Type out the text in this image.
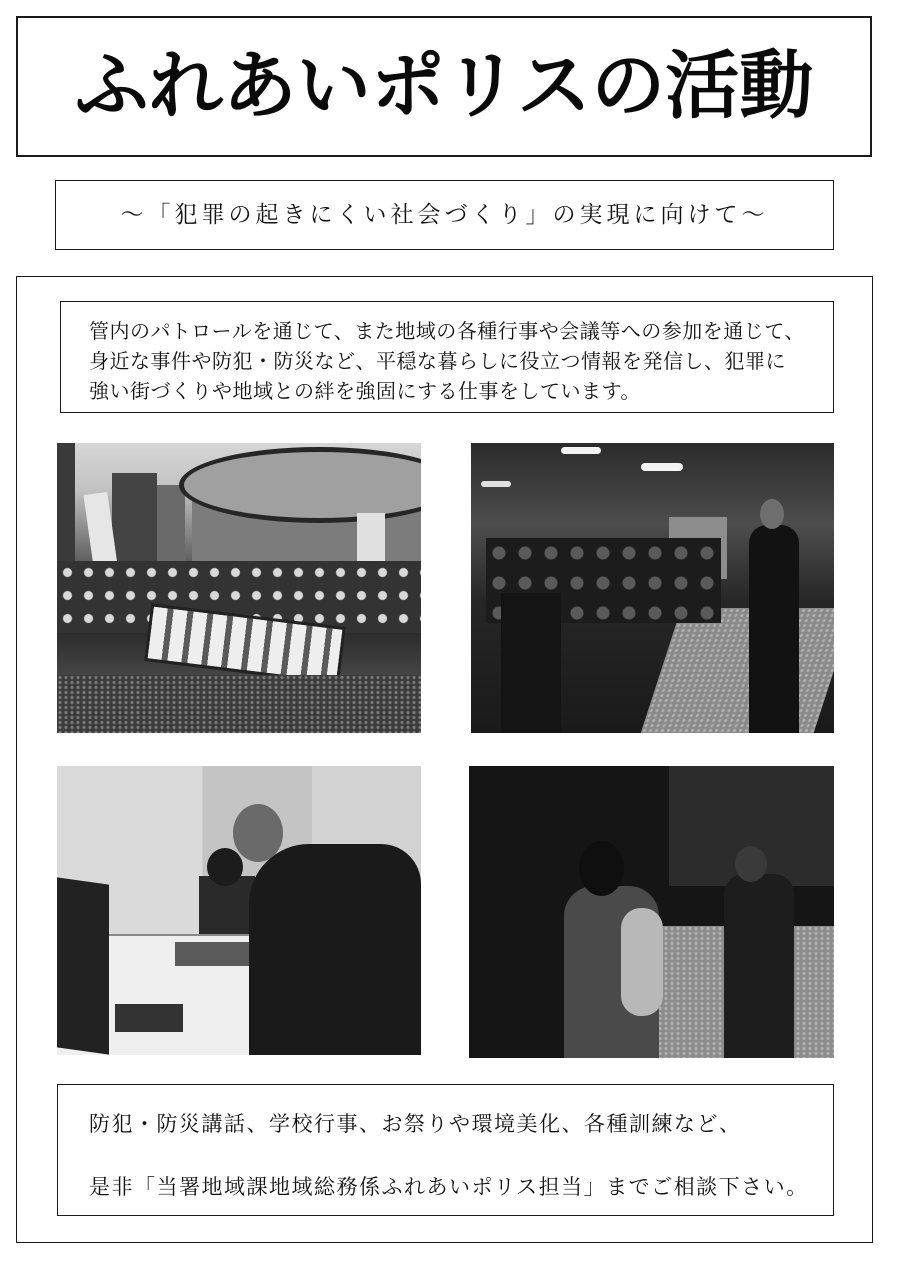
ふれあいポリスの活動
～「犯罪の起きにくい社会づくり」の実現に向けて～
管内のパトロールを通じて、また地域の各種行事や会議等への参加を通じて、
身近な事件や防犯・防災など、平穏な暮らしに役立つ情報を発信し、犯罪に
強い街づくりや地域との絆を強固にする仕事をしています。
防犯・防災講話、学校行事、お祭りや環境美化、各種訓練など、
是非「当署地域課地域総務係ふれあいポリス担当」までご相談下さい。
